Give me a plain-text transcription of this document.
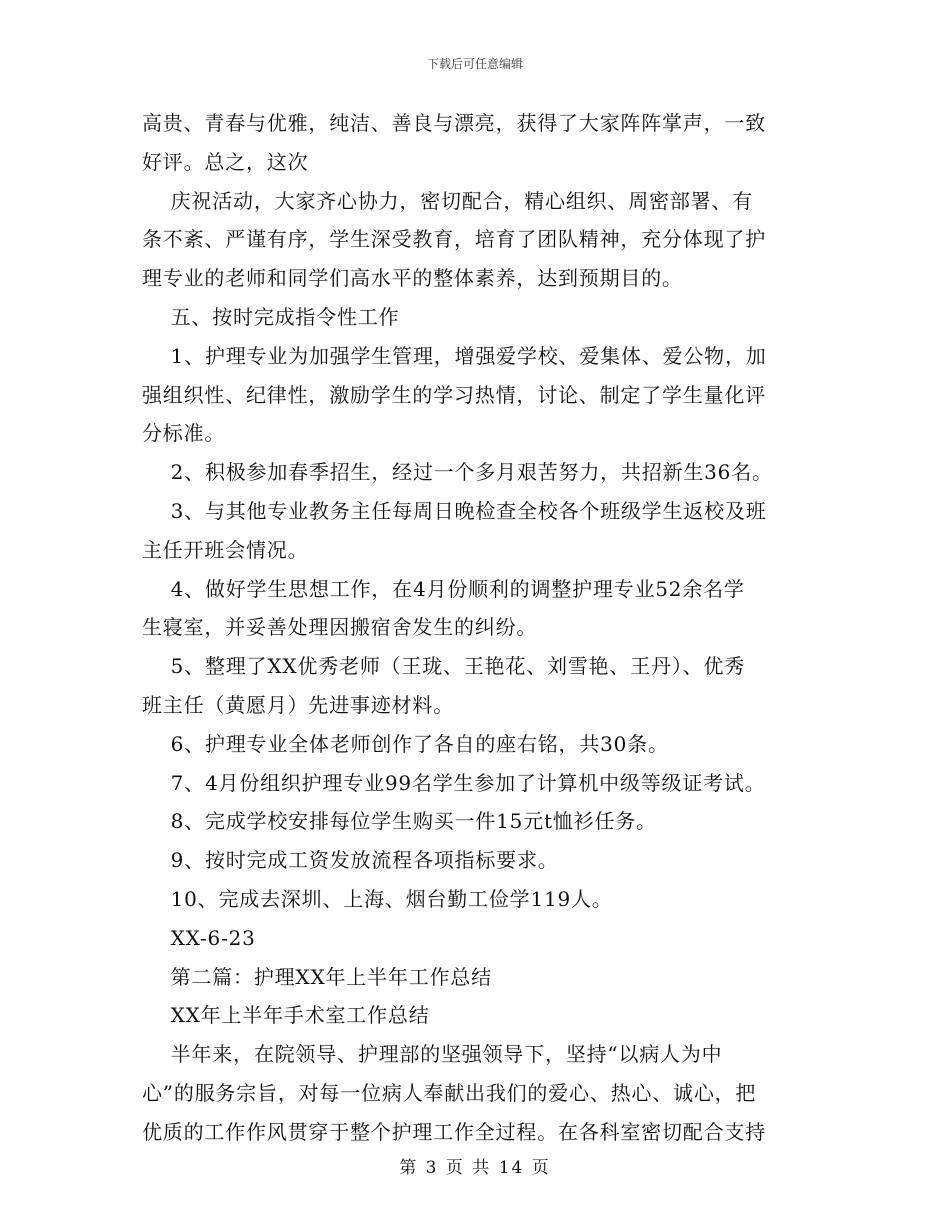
下载后可任意编辑
高贵、青春与优雅，纯洁、善良与漂亮，获得了大家阵阵掌声，一致
好评。总之，这次
庆祝活动，大家齐心协力，密切配合，精心组织、周密部署、有
条不紊、严谨有序，学生深受教育，培育了团队精神，充分体现了护
理专业的老师和同学们高水平的整体素养，达到预期目的。
五、按时完成指令性工作
1、护理专业为加强学生管理，增强爱学校、爱集体、爱公物，加
强组织性、纪律性，激励学生的学习热情，讨论、制定了学生量化评
分标准。
2、积极参加春季招生，经过一个多月艰苦努力，共招新生36名。
3、与其他专业教务主任每周日晚检查全校各个班级学生返校及班
主任开班会情况。
4、做好学生思想工作，在4月份顺利的调整护理专业52余名学
生寝室，并妥善处理因搬宿舍发生的纠纷。
5、整理了XX优秀老师（王珑、王艳花、刘雪艳、王丹）、优秀
班主任（黄愿月）先进事迹材料。
6、护理专业全体老师创作了各自的座右铭，共30条。
7、4月份组织护理专业99名学生参加了计算机中级等级证考试。
8、完成学校安排每位学生购买一件15元t恤衫任务。
9、按时完成工资发放流程各项指标要求。
10、完成去深圳、上海、烟台勤工俭学119人。
XX-6-23
第二篇：护理XX年上半年工作总结
XX年上半年手术室工作总结
半年来，在院领导、护理部的坚强领导下，坚持“以病人为中
心”的服务宗旨，对每一位病人奉献出我们的爱心、热心、诚心，把
优质的工作作风贯穿于整个护理工作全过程。在各科室密切配合支持
第 3 页 共 14 页
